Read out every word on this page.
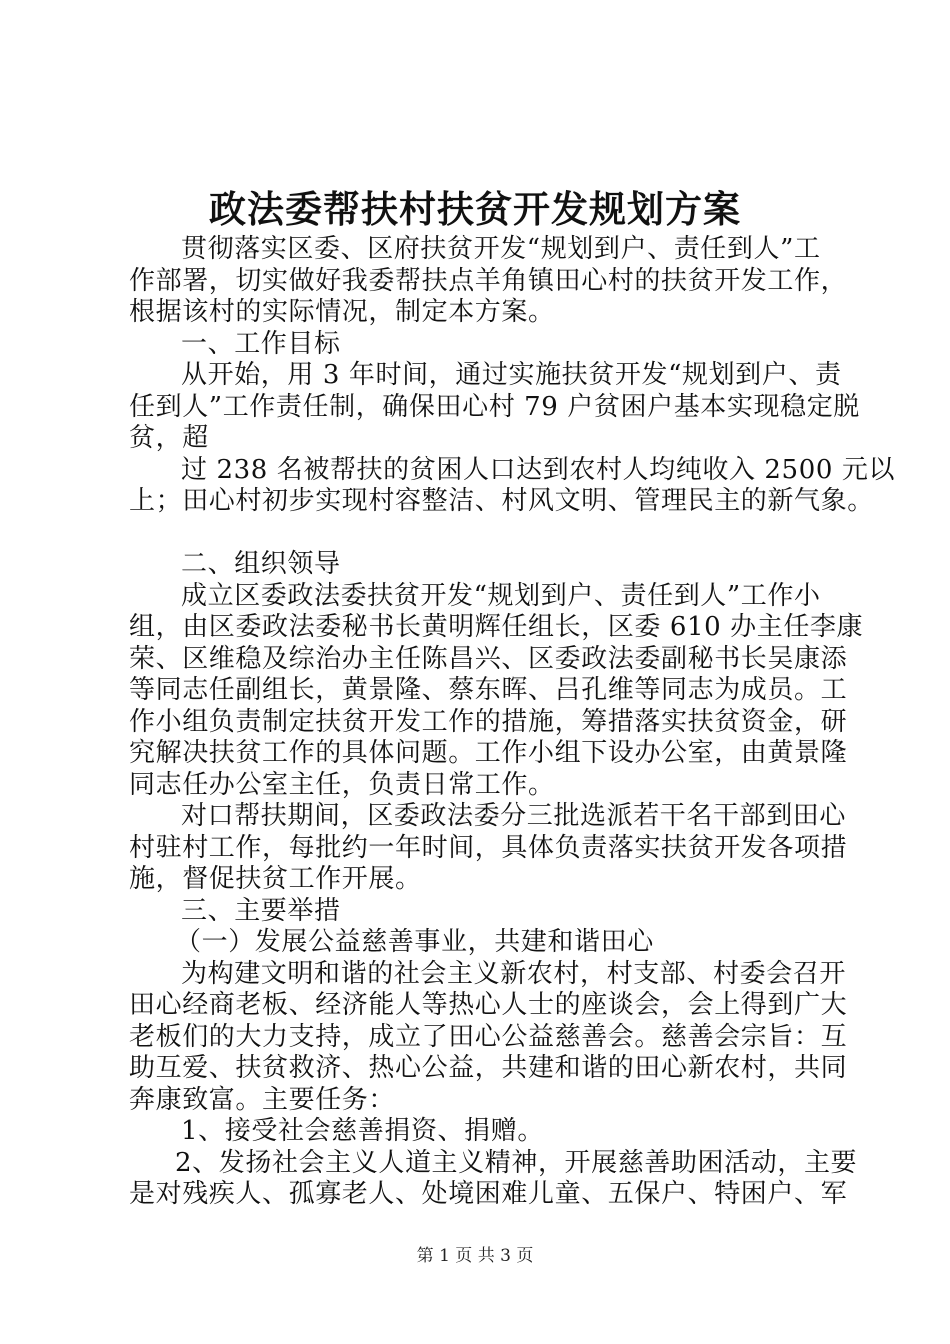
政法委帮扶村扶贫开发规划方案
贯彻落实区委、区府扶贫开发“规划到户、责任到人”工
作部署，切实做好我委帮扶点羊角镇田心村的扶贫开发工作，
根据该村的实际情况，制定本方案。
一、工作目标
从开始，用 3 年时间，通过实施扶贫开发“规划到户、责
任到人”工作责任制，确保田心村 79 户贫困户基本实现稳定脱
贫，超
过 238 名被帮扶的贫困人口达到农村人均纯收入 2500 元以
上；田心村初步实现村容整洁、村风文明、管理民主的新气象。
二、组织领导
成立区委政法委扶贫开发“规划到户、责任到人”工作小
组，由区委政法委秘书长黄明辉任组长，区委 610 办主任李康
荣、区维稳及综治办主任陈昌兴、区委政法委副秘书长吴康添
等同志任副组长，黄景隆、蔡东晖、吕孔维等同志为成员。工
作小组负责制定扶贫开发工作的措施，筹措落实扶贫资金，研
究解决扶贫工作的具体问题。工作小组下设办公室，由黄景隆
同志任办公室主任，负责日常工作。
对口帮扶期间，区委政法委分三批选派若干名干部到田心
村驻村工作，每批约一年时间，具体负责落实扶贫开发各项措
施，督促扶贫工作开展。
三、主要举措
（一）发展公益慈善事业，共建和谐田心
为构建文明和谐的社会主义新农村，村支部、村委会召开
田心经商老板、经济能人等热心人士的座谈会，会上得到广大
老板们的大力支持，成立了田心公益慈善会。慈善会宗旨：互
助互爱、扶贫救济、热心公益，共建和谐的田心新农村，共同
奔康致富。主要任务：
1、接受社会慈善捐资、捐赠。
2、发扬社会主义人道主义精神，开展慈善助困活动，主要
是对残疾人、孤寡老人、处境困难儿童、五保户、特困户、军
第 1 页 共 3 页
